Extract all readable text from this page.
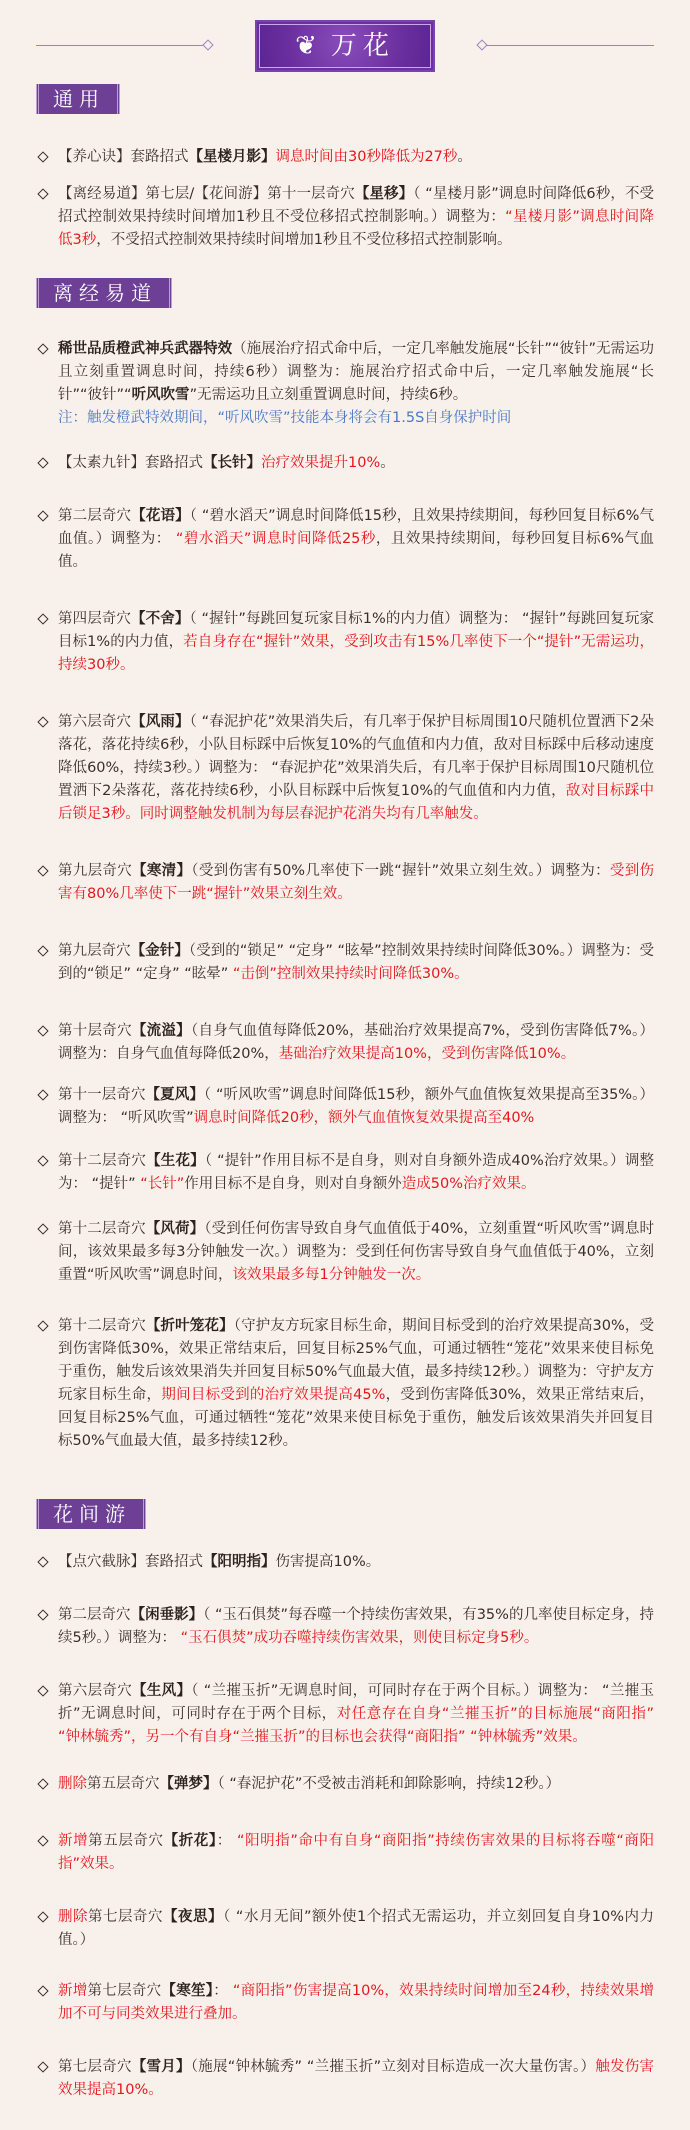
❦ 万花
通用
【养心诀】套路招式【星楼月影】调息时间由30秒降低为27秒。
【离经易道】第七层/【花间游】第十一层奇穴【星移】（ “星楼月影”调息时间降低6秒，不受招式控制效果持续时间增加1秒且不受位移招式控制影响。）调整为：“星楼月影”调息时间降低3秒，不受招式控制效果持续时间增加1秒且不受位移招式控制影响。
离经易道
稀世品质橙武神兵武器特效（施展治疗招式命中后，一定几率触发施展“长针”“彼针”无需运功且立刻重置调息时间，持续6秒）调整为：施展治疗招式命中后，一定几率触发施展“长针”“彼针”“听风吹雪”无需运功且立刻重置调息时间，持续6秒。
注：触发橙武特效期间，“听风吹雪”技能本身将会有1.5S自身保护时间
【太素九针】套路招式【长针】治疗效果提升10%。
第二层奇穴【花语】（ “碧水滔天”调息时间降低15秒，且效果持续期间，每秒回复目标6%气血值。）调整为： “碧水滔天”调息时间降低25秒，且效果持续期间，每秒回复目标6%气血值。
第四层奇穴【不舍】（ “握针”每跳回复玩家目标1%的内力值）调整为： “握针”每跳回复玩家目标1%的内力值，若自身存在“握针”效果，受到攻击有15%几率使下一个“提针”无需运功，持续30秒。
第六层奇穴【风雨】（ “春泥护花”效果消失后，有几率于保护目标周围10尺随机位置洒下2朵落花，落花持续6秒，小队目标踩中后恢复10%的气血值和内力值，敌对目标踩中后移动速度降低60%，持续3秒。）调整为： “春泥护花”效果消失后，有几率于保护目标周围10尺随机位置洒下2朵落花，落花持续6秒，小队目标踩中后恢复10%的气血值和内力值，敌对目标踩中后锁足3秒。同时调整触发机制为每层春泥护花消失均有几率触发。
第九层奇穴【寒清】（受到伤害有50%几率使下一跳“握针”效果立刻生效。）调整为：受到伤害有80%几率使下一跳“握针”效果立刻生效。
第九层奇穴【金针】（受到的“锁足” “定身” “眩晕”控制效果持续时间降低30%。）调整为：受到的“锁足” “定身” “眩晕” “击倒”控制效果持续时间降低30%。
第十层奇穴【流溢】（自身气血值每降低20%，基础治疗效果提高7%，受到伤害降低7%。）调整为：自身气血值每降低20%，基础治疗效果提高10%，受到伤害降低10%。
第十一层奇穴【夏风】（ “听风吹雪”调息时间降低15秒，额外气血值恢复效果提高至35%。）调整为： “听风吹雪”调息时间降低20秒，额外气血值恢复效果提高至40%
第十二层奇穴【生花】（ “提针”作用目标不是自身，则对自身额外造成40%治疗效果。）调整为： “提针” “长针”作用目标不是自身，则对自身额外造成50%治疗效果。
第十二层奇穴【风荷】（受到任何伤害导致自身气血值低于40%，立刻重置“听风吹雪”调息时间，该效果最多每3分钟触发一次。）调整为：受到任何伤害导致自身气血值低于40%，立刻重置“听风吹雪”调息时间，该效果最多每1分钟触发一次。
第十二层奇穴【折叶笼花】（守护友方玩家目标生命，期间目标受到的治疗效果提高30%，受到伤害降低30%，效果正常结束后，回复目标25%气血，可通过牺牲“笼花”效果来使目标免于重伤，触发后该效果消失并回复目标50%气血最大值，最多持续12秒。）调整为：守护友方玩家目标生命，期间目标受到的治疗效果提高45%，受到伤害降低30%，效果正常结束后，回复目标25%气血，可通过牺牲“笼花”效果来使目标免于重伤，触发后该效果消失并回复目标50%气血最大值，最多持续12秒。
花间游
【点穴截脉】套路招式【阳明指】伤害提高10%。
第二层奇穴【闲垂影】（ “玉石俱焚”每吞噬一个持续伤害效果，有35%的几率使目标定身，持续5秒。）调整为： “玉石俱焚”成功吞噬持续伤害效果，则使目标定身5秒。
第六层奇穴【生风】（ “兰摧玉折”无调息时间，可同时存在于两个目标。）调整为： “兰摧玉折”无调息时间，可同时存在于两个目标，对任意存在自身“兰摧玉折”的目标施展“商阳指” “钟林毓秀”，另一个有自身“兰摧玉折”的目标也会获得“商阳指” “钟林毓秀”效果。
删除第五层奇穴【弹梦】（ “春泥护花”不受被击消耗和卸除影响，持续12秒。）
新增第五层奇穴【折花】： “阳明指”命中有自身“商阳指”持续伤害效果的目标将吞噬“商阳指”效果。
删除第七层奇穴【夜思】（ “水月无间”额外使1个招式无需运功，并立刻回复自身10%内力值。）
新增第七层奇穴【寒笙】： “商阳指”伤害提高10%，效果持续时间增加至24秒，持续效果增加不可与同类效果进行叠加。
第七层奇穴【雪月】（施展“钟林毓秀” “兰摧玉折”立刻对目标造成一次大量伤害。）触发伤害效果提高10%。
